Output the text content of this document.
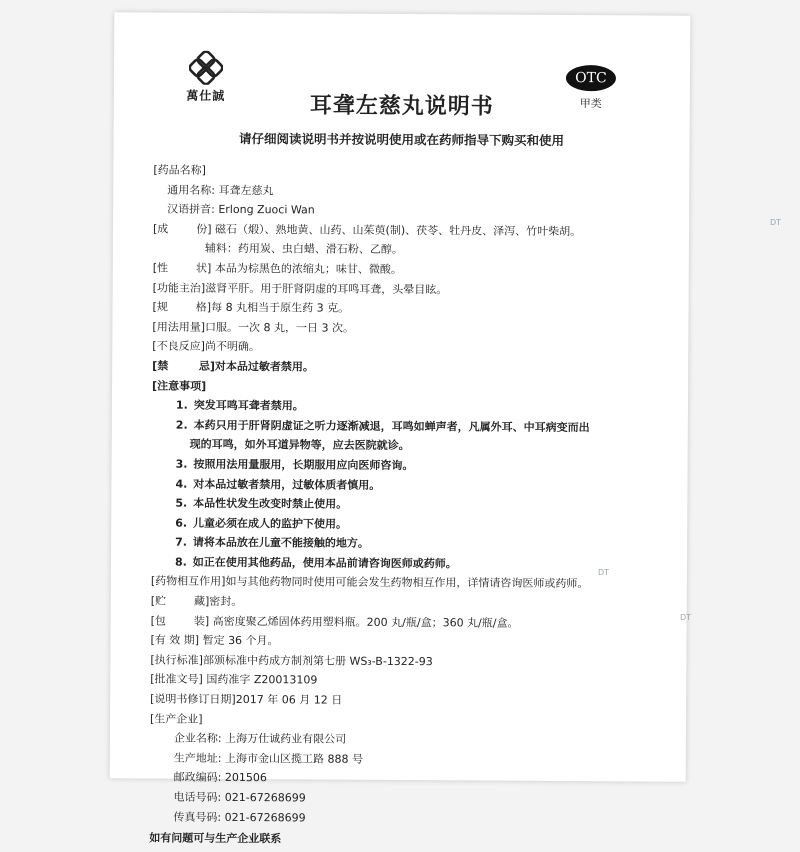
萬仕誠	耳聋左慈丸说明书
请仔细阅读说明书并按说明使用或在药师指导下购买和使用
OTC
甲类
[药品名称]
通用名称: 耳聋左慈丸
汉语拼音: Erlong Zuoci Wan
[成        份] 磁石（煅）、熟地黄、山药、山茱萸(制)、茯苓、牡丹皮、泽泻、竹叶柴胡。
辅料：药用炭、虫白蜡、滑石粉、乙醇。
[性        状] 本品为棕黑色的浓缩丸；味甘、微酸。
[功能主治]滋肾平肝。用于肝肾阴虚的耳鸣耳聋，头晕目眩。
[规        格]每 8 丸相当于原生药 3 克。
[用法用量]口服。一次 8 丸，一日 3 次。
[不良反应]尚不明确。
[禁        忌]对本品过敏者禁用。
[注意事项]
1. 突发耳鸣耳聋者禁用。
2. 本药只用于肝肾阴虚证之听力逐渐减退，耳鸣如蝉声者，凡属外耳、中耳病变而出
现的耳鸣，如外耳道异物等，应去医院就诊。
3. 按照用法用量服用，长期服用应向医师咨询。
4. 对本品过敏者禁用，过敏体质者慎用。
5. 本品性状发生改变时禁止使用。
6. 儿童必须在成人的监护下使用。
7. 请将本品放在儿童不能接触的地方。
8. 如正在使用其他药品，使用本品前请咨询医师或药师。
[药物相互作用]如与其他药物同时使用可能会发生药物相互作用，详情请咨询医师或药师。
[贮        藏]密封。
[包        装] 高密度聚乙烯固体药用塑料瓶。200 丸/瓶/盒；360 丸/瓶/盒。
[有 效 期] 暂定 36 个月。
[执行标准]部颁标准中药成方制剂第七册 WS₃-B-1322-93
[批准文号] 国药准字 Z20013109
[说明书修订日期]2017 年 06 月 12 日
[生产企业]
企业名称: 上海万仕诚药业有限公司
生产地址: 上海市金山区揽工路 888 号
邮政编码: 201506
电话号码: 021-67268699
传真号码: 021-67268699
如有问题可与生产企业联系
DT
DT
DT
